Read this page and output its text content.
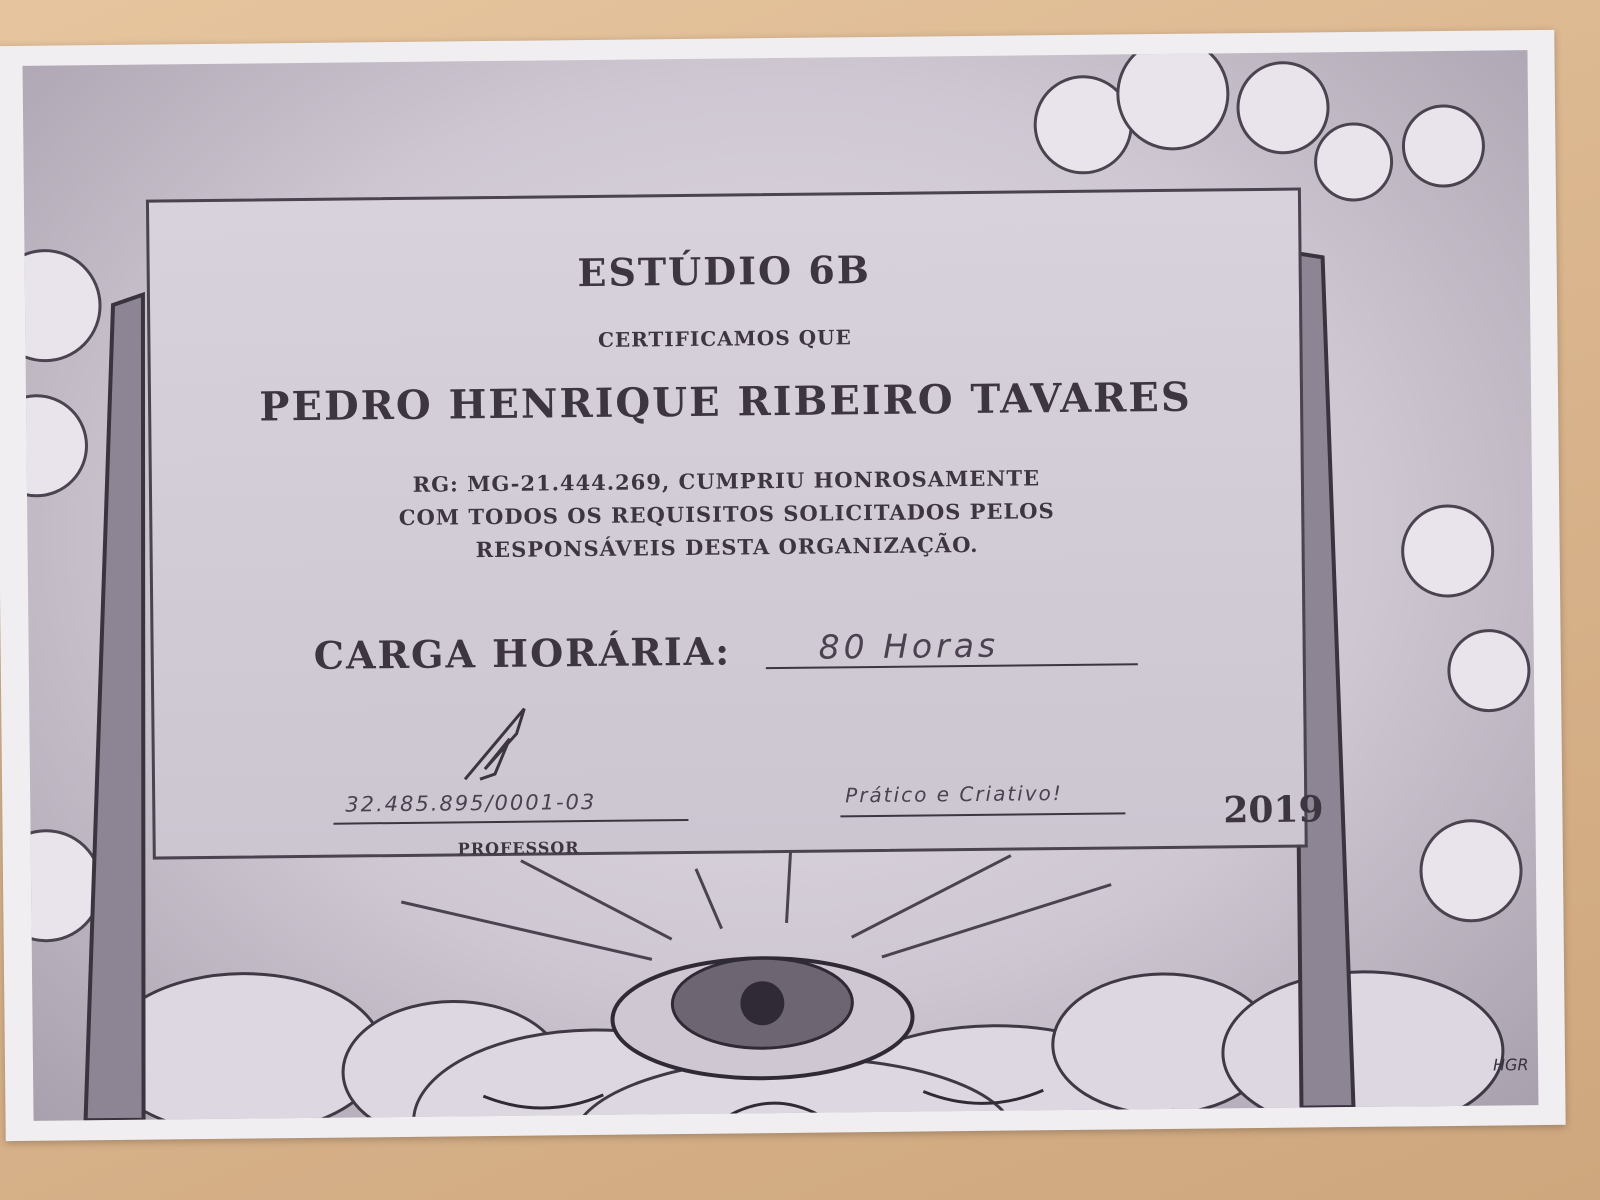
ESTÚDIO 6B
CERTIFICAMOS QUE
PEDRO HENRIQUE RIBEIRO TAVARES
RG: MG-21.444.269, CUMPRIU HONROSAMENTE
COM TODOS OS REQUISITOS SOLICITADOS PELOS
RESPONSÁVEIS DESTA ORGANIZAÇÃO.
CARGA HORÁRIA:	80 Horas
32.485.895/0001-03
PROFESSOR
Prático e Criativo!	2019
HGR
